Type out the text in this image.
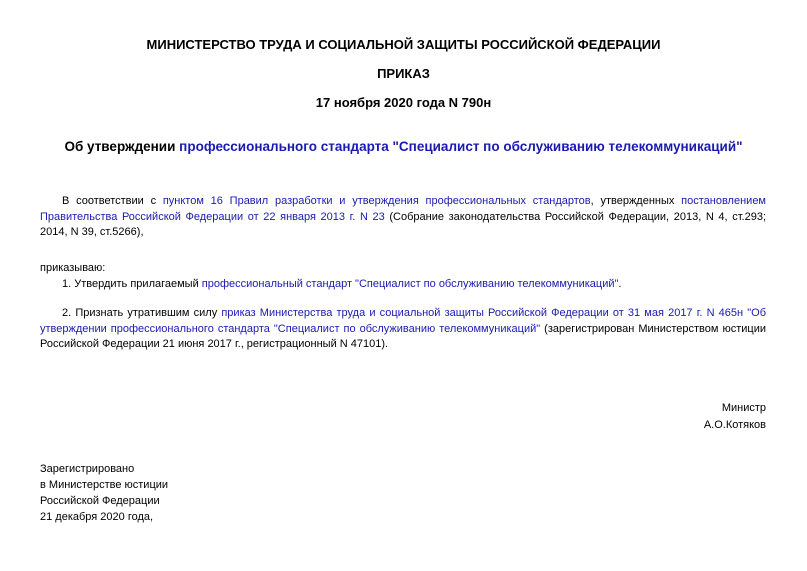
МИНИСТЕРСТВО ТРУДА И СОЦИАЛЬНОЙ ЗАЩИТЫ РОССИЙСКОЙ ФЕДЕРАЦИИ
ПРИКАЗ
17 ноября 2020 года N 790н
Об утверждении профессионального стандарта "Специалист по обслуживанию телекоммуникаций"
В соответствии с пунктом 16 Правил разработки и утверждения профессиональных стандартов, утвержденных постановлением Правительства Российской Федерации от 22 января 2013 г. N 23 (Собрание законодательства Российской Федерации, 2013, N 4, ст.293; 2014, N 39, ст.5266),
приказываю:
1. Утвердить прилагаемый профессиональный стандарт "Специалист по обслуживанию телекоммуникаций".
2. Признать утратившим силу приказ Министерства труда и социальной защиты Российской Федерации от 31 мая 2017 г. N 465н "Об утверждении профессионального стандарта "Специалист по обслуживанию телекоммуникаций" (зарегистрирован Министерством юстиции Российской Федерации 21 июня 2017 г., регистрационный N 47101).
Министр
А.О.Котяков
Зарегистрировано
в Министерстве юстиции
Российской Федерации
21 декабря 2020 года,
